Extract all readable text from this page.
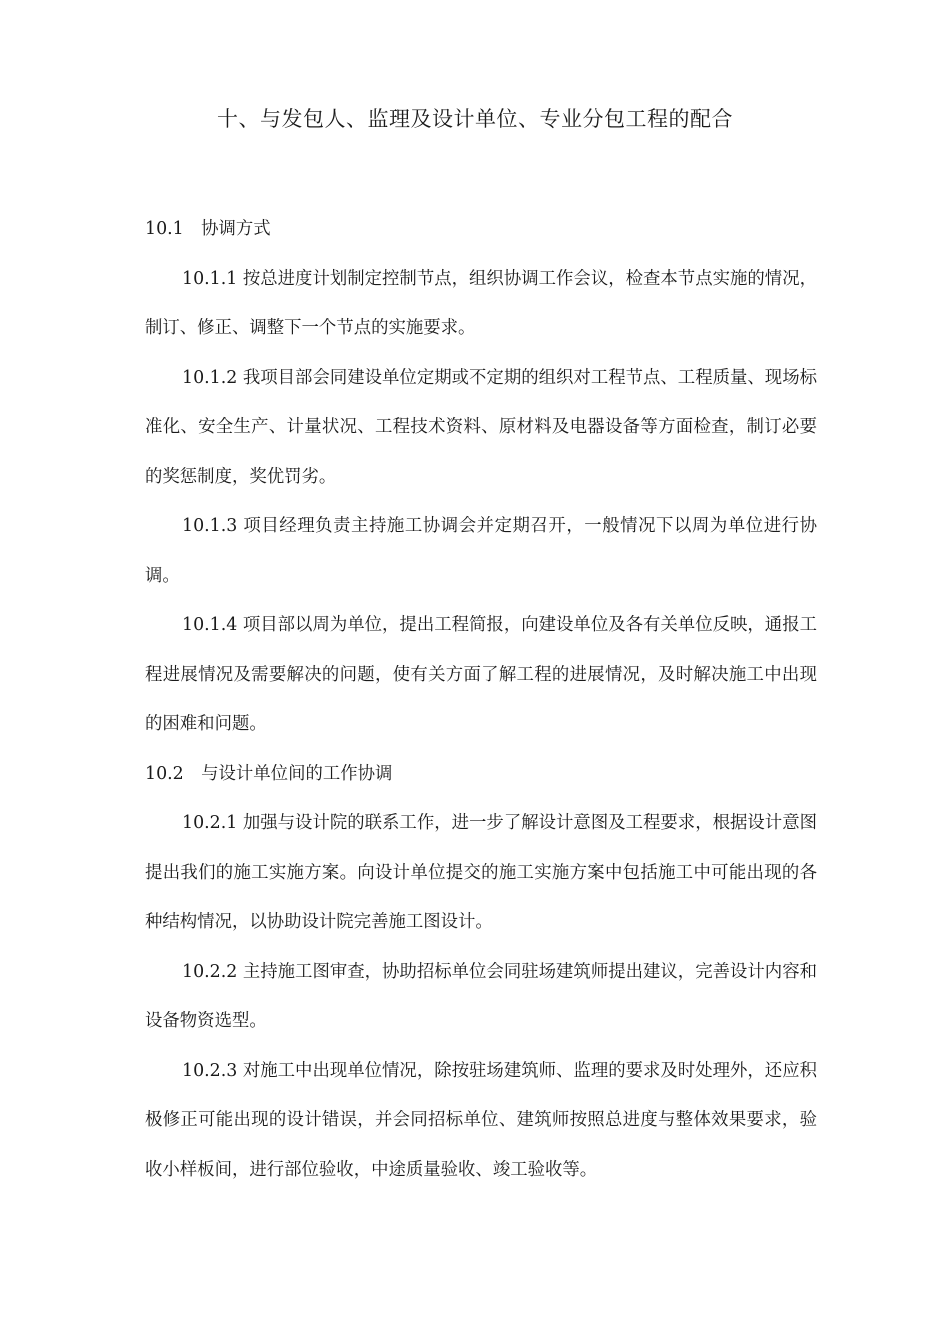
十、与发包人、监理及设计单位、专业分包工程的配合

10.1　协调方式

10.1.1 按总进度计划制定控制节点，组织协调工作会议，检查本节点实施的情况，制订、修正、调整下一个节点的实施要求。

10.1.2 我项目部会同建设单位定期或不定期的组织对工程节点、工程质量、现场标准化、安全生产、计量状况、工程技术资料、原材料及电器设备等方面检查，制订必要的奖惩制度，奖优罚劣。

10.1.3 项目经理负责主持施工协调会并定期召开，一般情况下以周为单位进行协调。

10.1.4 项目部以周为单位，提出工程简报，向建设单位及各有关单位反映，通报工程进展情况及需要解决的问题，使有关方面了解工程的进展情况，及时解决施工中出现的困难和问题。

10.2　与设计单位间的工作协调

10.2.1 加强与设计院的联系工作，进一步了解设计意图及工程要求，根据设计意图提出我们的施工实施方案。向设计单位提交的施工实施方案中包括施工中可能出现的各种结构情况，以协助设计院完善施工图设计。

10.2.2 主持施工图审查，协助招标单位会同驻场建筑师提出建议，完善设计内容和设备物资选型。

10.2.3 对施工中出现单位情况，除按驻场建筑师、监理的要求及时处理外，还应积极修正可能出现的设计错误，并会同招标单位、建筑师按照总进度与整体效果要求，验收小样板间，进行部位验收，中途质量验收、竣工验收等。
